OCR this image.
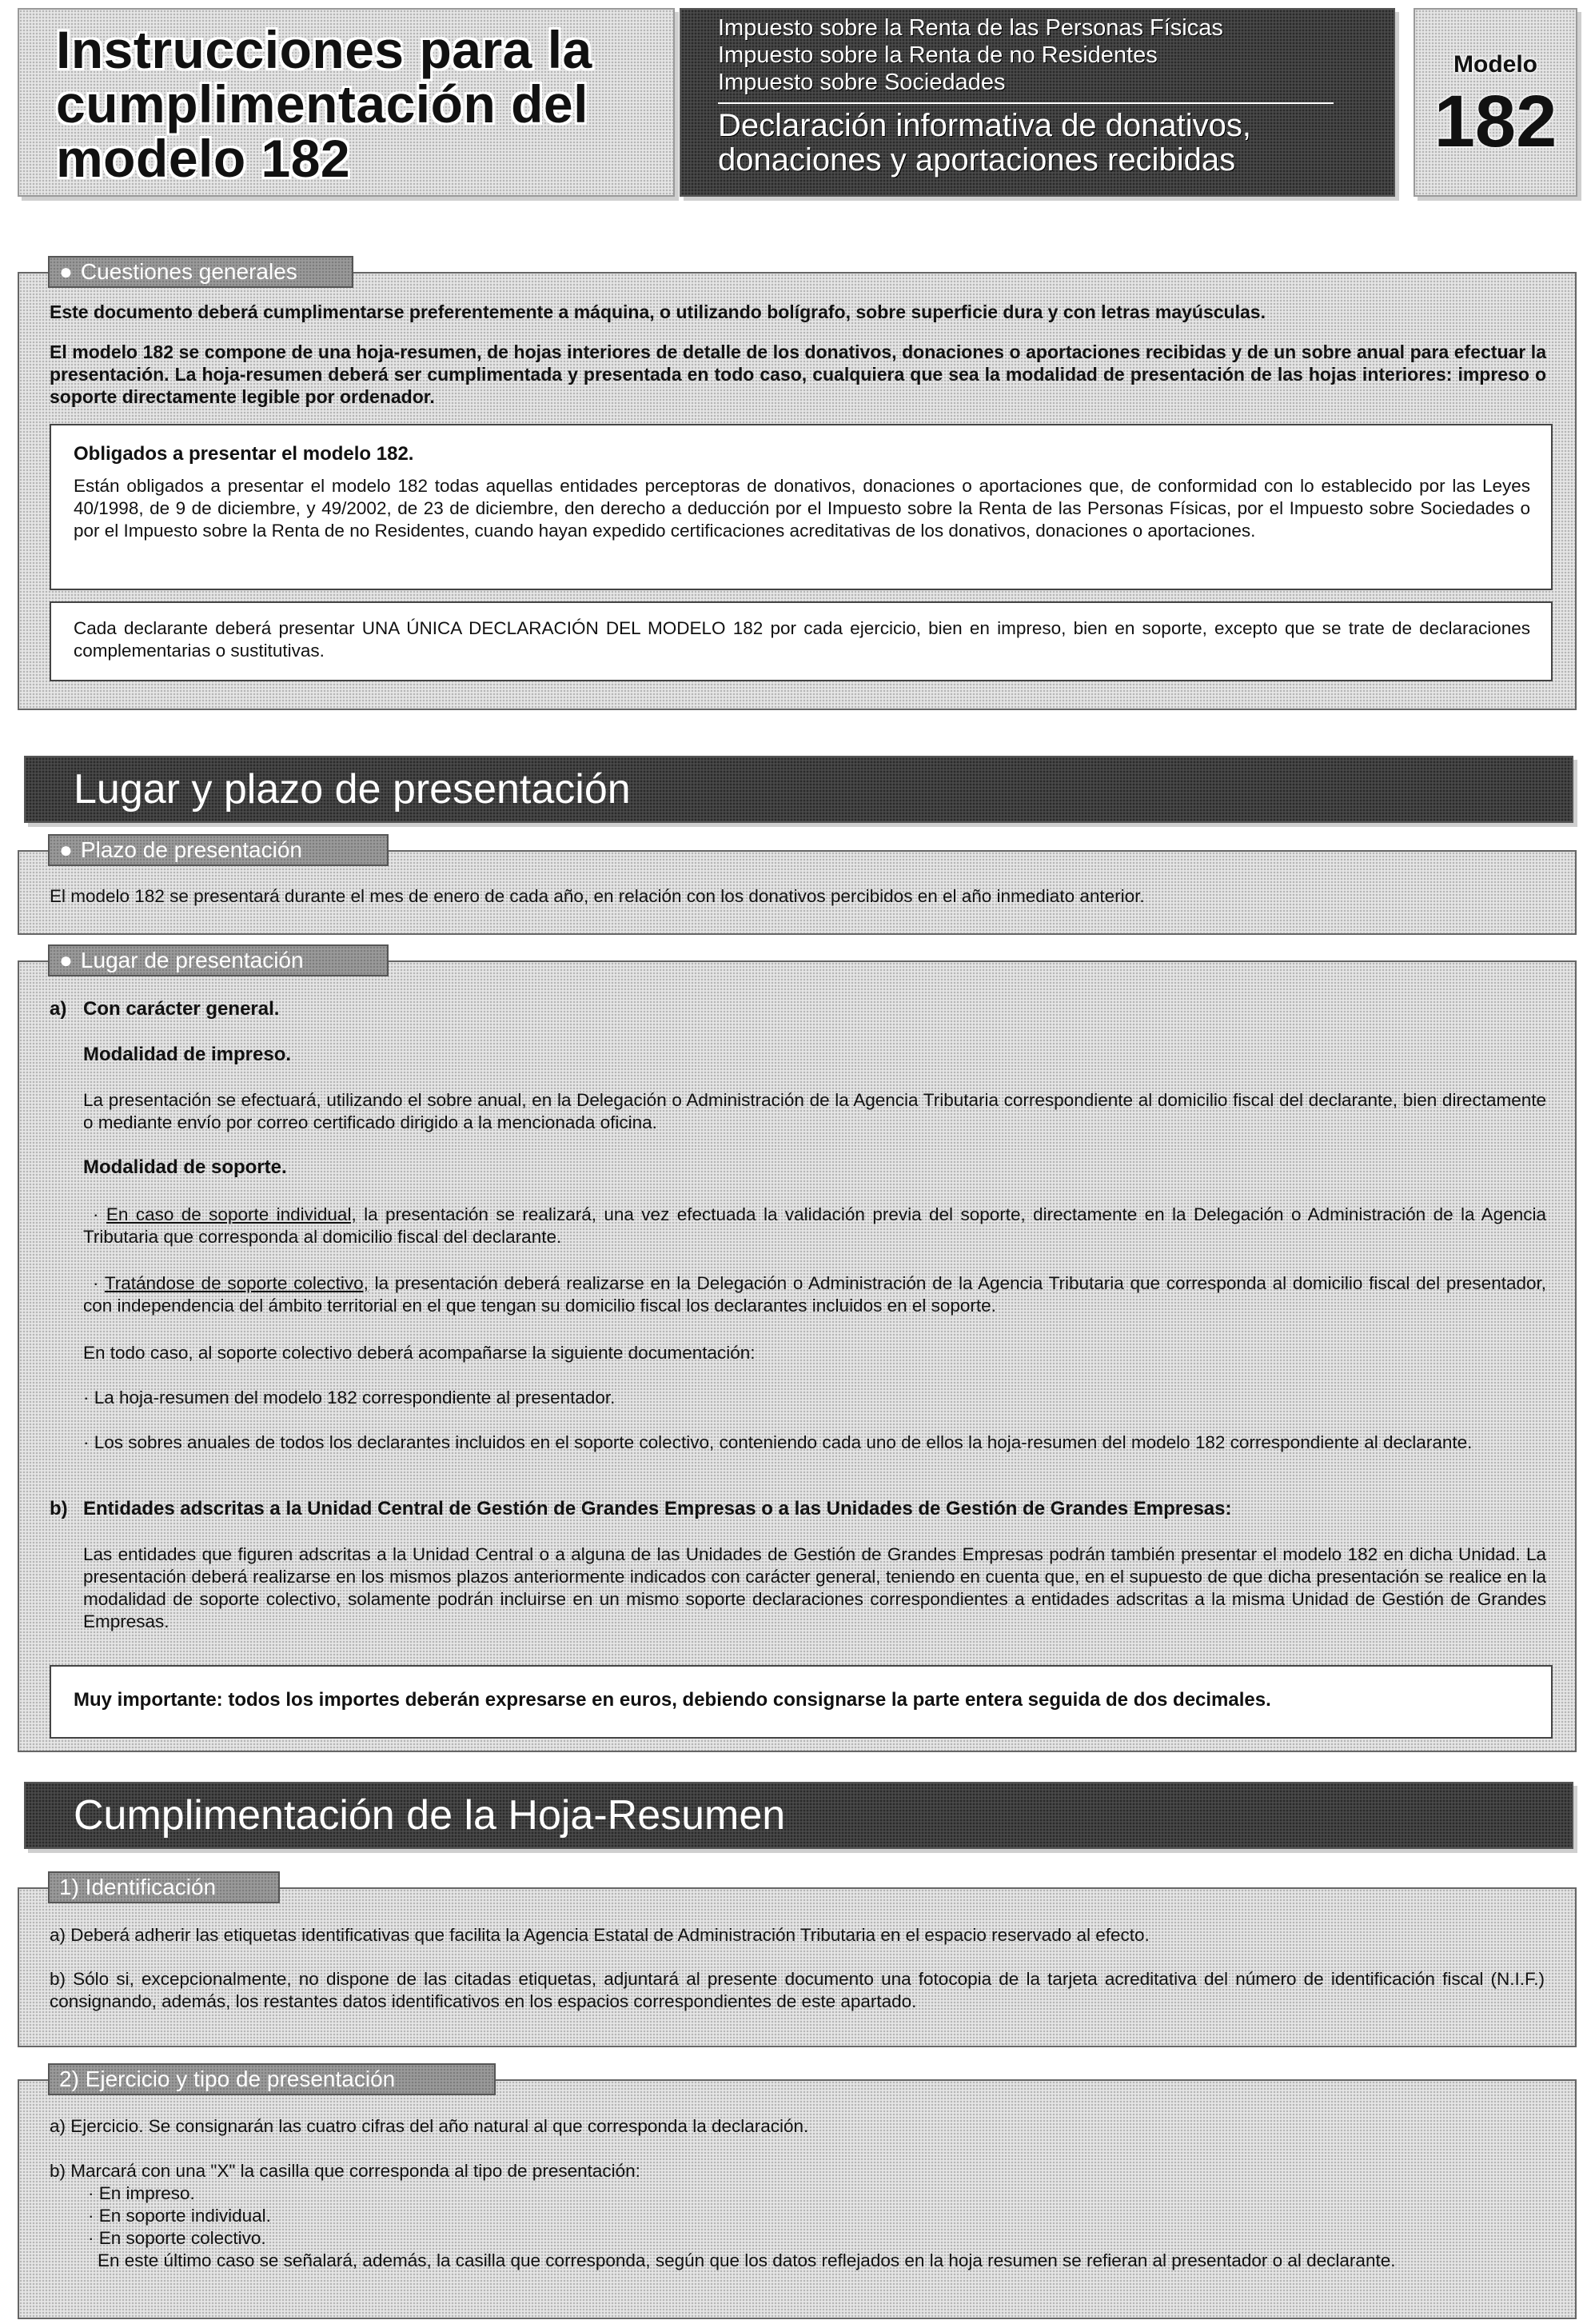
Instrucciones para la
cumplimentación del
modelo 182
Impuesto sobre la Renta de las Personas Físicas
Impuesto sobre la Renta de no Residentes
Impuesto sobre Sociedades
Declaración informativa de donativos,
donaciones y aportaciones recibidas
Modelo
182
● Cuestiones generales
Este documento deberá cumplimentarse preferentemente a máquina, o utilizando bolígrafo, sobre superficie dura y con letras mayúsculas.
El modelo 182 se compone de una hoja-resumen, de hojas interiores de detalle de los donativos, donaciones o aportaciones recibidas y de un sobre anual para efectuar la presentación. La hoja-resumen deberá ser cumplimentada y presentada en todo caso, cualquiera que sea la modalidad de presentación de las hojas interiores: impreso o soporte directamente legible por ordenador.
Obligados a presentar el modelo 182.
Están obligados a presentar el modelo 182 todas aquellas entidades perceptoras de donativos, donaciones o aportaciones que, de conformidad con lo establecido por las Leyes 40/1998, de 9 de diciembre, y 49/2002, de 23 de diciembre, den derecho a deducción por el Impuesto sobre la Renta de las Personas Físicas, por el Impuesto sobre Sociedades o por el Impuesto sobre la Renta de no Residentes, cuando hayan expedido certificaciones acreditativas de los donativos, donaciones o aportaciones.
Cada declarante deberá presentar UNA ÚNICA DECLARACIÓN DEL MODELO 182 por cada ejercicio, bien en impreso, bien en soporte, excepto que se trate de declaraciones complementarias o sustitutivas.
Lugar y plazo de presentación
● Plazo de presentación
El modelo 182 se presentará durante el mes de enero de cada año, en relación con los donativos percibidos en el año inmediato anterior.
● Lugar de presentación
a) Con carácter general.
Modalidad de impreso.
La presentación se efectuará, utilizando el sobre anual, en la Delegación o Administración de la Agencia Tributaria correspondiente al domicilio fiscal del declarante, bien directamente o mediante envío por correo certificado dirigido a la mencionada oficina.
Modalidad de soporte.
· En caso de soporte individual, la presentación se realizará, una vez efectuada la validación previa del soporte, directamente en la Delegación o Administración de la Agencia Tributaria que corresponda al domicilio fiscal del declarante.
· Tratándose de soporte colectivo, la presentación deberá realizarse en la Delegación o Administración de la Agencia Tributaria que corresponda al domicilio fiscal del presentador, con independencia del ámbito territorial en el que tengan su domicilio fiscal los declarantes incluidos en el soporte.
En todo caso, al soporte colectivo deberá acompañarse la siguiente documentación:
· La hoja-resumen del modelo 182 correspondiente al presentador.
· Los sobres anuales de todos los declarantes incluidos en el soporte colectivo, conteniendo cada uno de ellos la hoja-resumen del modelo 182 correspondiente al declarante.
b) Entidades adscritas a la Unidad Central de Gestión de Grandes Empresas o a las Unidades de Gestión de Grandes Empresas:
Las entidades que figuren adscritas a la Unidad Central o a alguna de las Unidades de Gestión de Grandes Empresas podrán también presentar el modelo 182 en dicha Unidad. La presentación deberá realizarse en los mismos plazos anteriormente indicados con carácter general, teniendo en cuenta que, en el supuesto de que dicha presentación se realice en la modalidad de soporte colectivo, solamente podrán incluirse en un mismo soporte declaraciones correspondientes a entidades adscritas a la misma Unidad de Gestión de Grandes Empresas.
Muy importante: todos los importes deberán expresarse en euros, debiendo consignarse la parte entera seguida de dos decimales.
Cumplimentación de la Hoja-Resumen
1) Identificación
a) Deberá adherir las etiquetas identificativas que facilita la Agencia Estatal de Administración Tributaria en el espacio reservado al efecto.
b) Sólo si, excepcionalmente, no dispone de las citadas etiquetas, adjuntará al presente documento una fotocopia de la tarjeta acreditativa del número de identificación fiscal (N.I.F.) consignando, además, los restantes datos identificativos en los espacios correspondientes de este apartado.
2) Ejercicio y tipo de presentación
a) Ejercicio. Se consignarán las cuatro cifras del año natural al que corresponda la declaración.
b) Marcará con una "X" la casilla que corresponda al tipo de presentación:
· En impreso.
· En soporte individual.
· En soporte colectivo.
En este último caso se señalará, además, la casilla que corresponda, según que los datos reflejados en la hoja resumen se refieran al presentador o al declarante.
